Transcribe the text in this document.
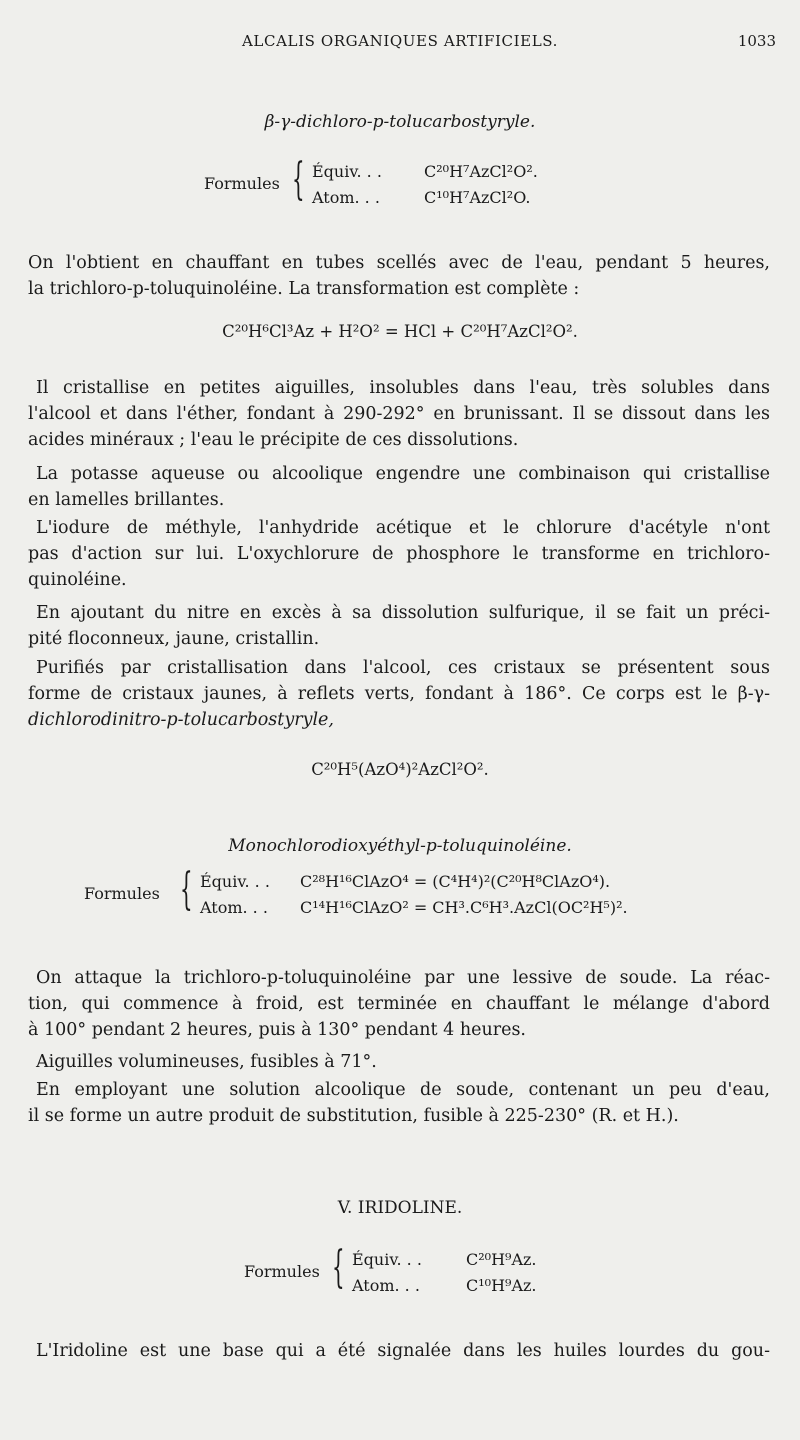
ALCALIS ORGANIQUES ARTIFICIELS.	1033
β-γ-dichloro-p-tolucarbostyryle.
Formules { Équiv. . .	C²⁰H⁷AzCl²O².
Atom. . .	C¹⁰H⁷AzCl²O.
On l'obtient en chauffant en tubes scellés avec de l'eau, pendant 5 heures,
la trichloro-p-toluquinoléine. La transformation est complète :
C²⁰H⁶Cl³Az + H²O² = HCl + C²⁰H⁷AzCl²O².
Il cristallise en petites aiguilles, insolubles dans l'eau, très solubles dans
l'alcool et dans l'éther, fondant à 290-292° en brunissant. Il se dissout dans les
acides minéraux ; l'eau le précipite de ces dissolutions.
La potasse aqueuse ou alcoolique engendre une combinaison qui cristallise
en lamelles brillantes.
L'iodure de méthyle, l'anhydride acétique et le chlorure d'acétyle n'ont
pas d'action sur lui. L'oxychlorure de phosphore le transforme en trichloro-
quinoléine.
En ajoutant du nitre en excès à sa dissolution sulfurique, il se fait un préci-
pité floconneux, jaune, cristallin.
Purifiés par cristallisation dans l'alcool, ces cristaux se présentent sous
forme de cristaux jaunes, à reflets verts, fondant à 186°. Ce corps est le β-γ-
dichlorodinitro-p-tolucarbostyryle,
C²⁰H⁵(AzO⁴)²AzCl²O².
Monochlorodioxyéthyl-p-toluquinoléine.
Formules { Équiv. . . C²⁸H¹⁶ClAzO⁴ = (C⁴H⁴)²(C²⁰H⁸ClAzO⁴).
Atom. . . C¹⁴H¹⁶ClAzO² = CH³.C⁶H³.AzCl(OC²H⁵)².
On attaque la trichloro-p-toluquinoléine par une lessive de soude. La réac-
tion, qui commence à froid, est terminée en chauffant le mélange d'abord
à 100° pendant 2 heures, puis à 130° pendant 4 heures.
Aiguilles volumineuses, fusibles à 71°.
En employant une solution alcoolique de soude, contenant un peu d'eau,
il se forme un autre produit de substitution, fusible à 225-230° (R. et H.).
V. IRIDOLINE.
Formules { Équiv. . .	C²⁰H⁹Az.
Atom. . .	C¹⁰H⁹Az.
L'Iridoline est une base qui a été signalée dans les huiles lourdes du gou-
